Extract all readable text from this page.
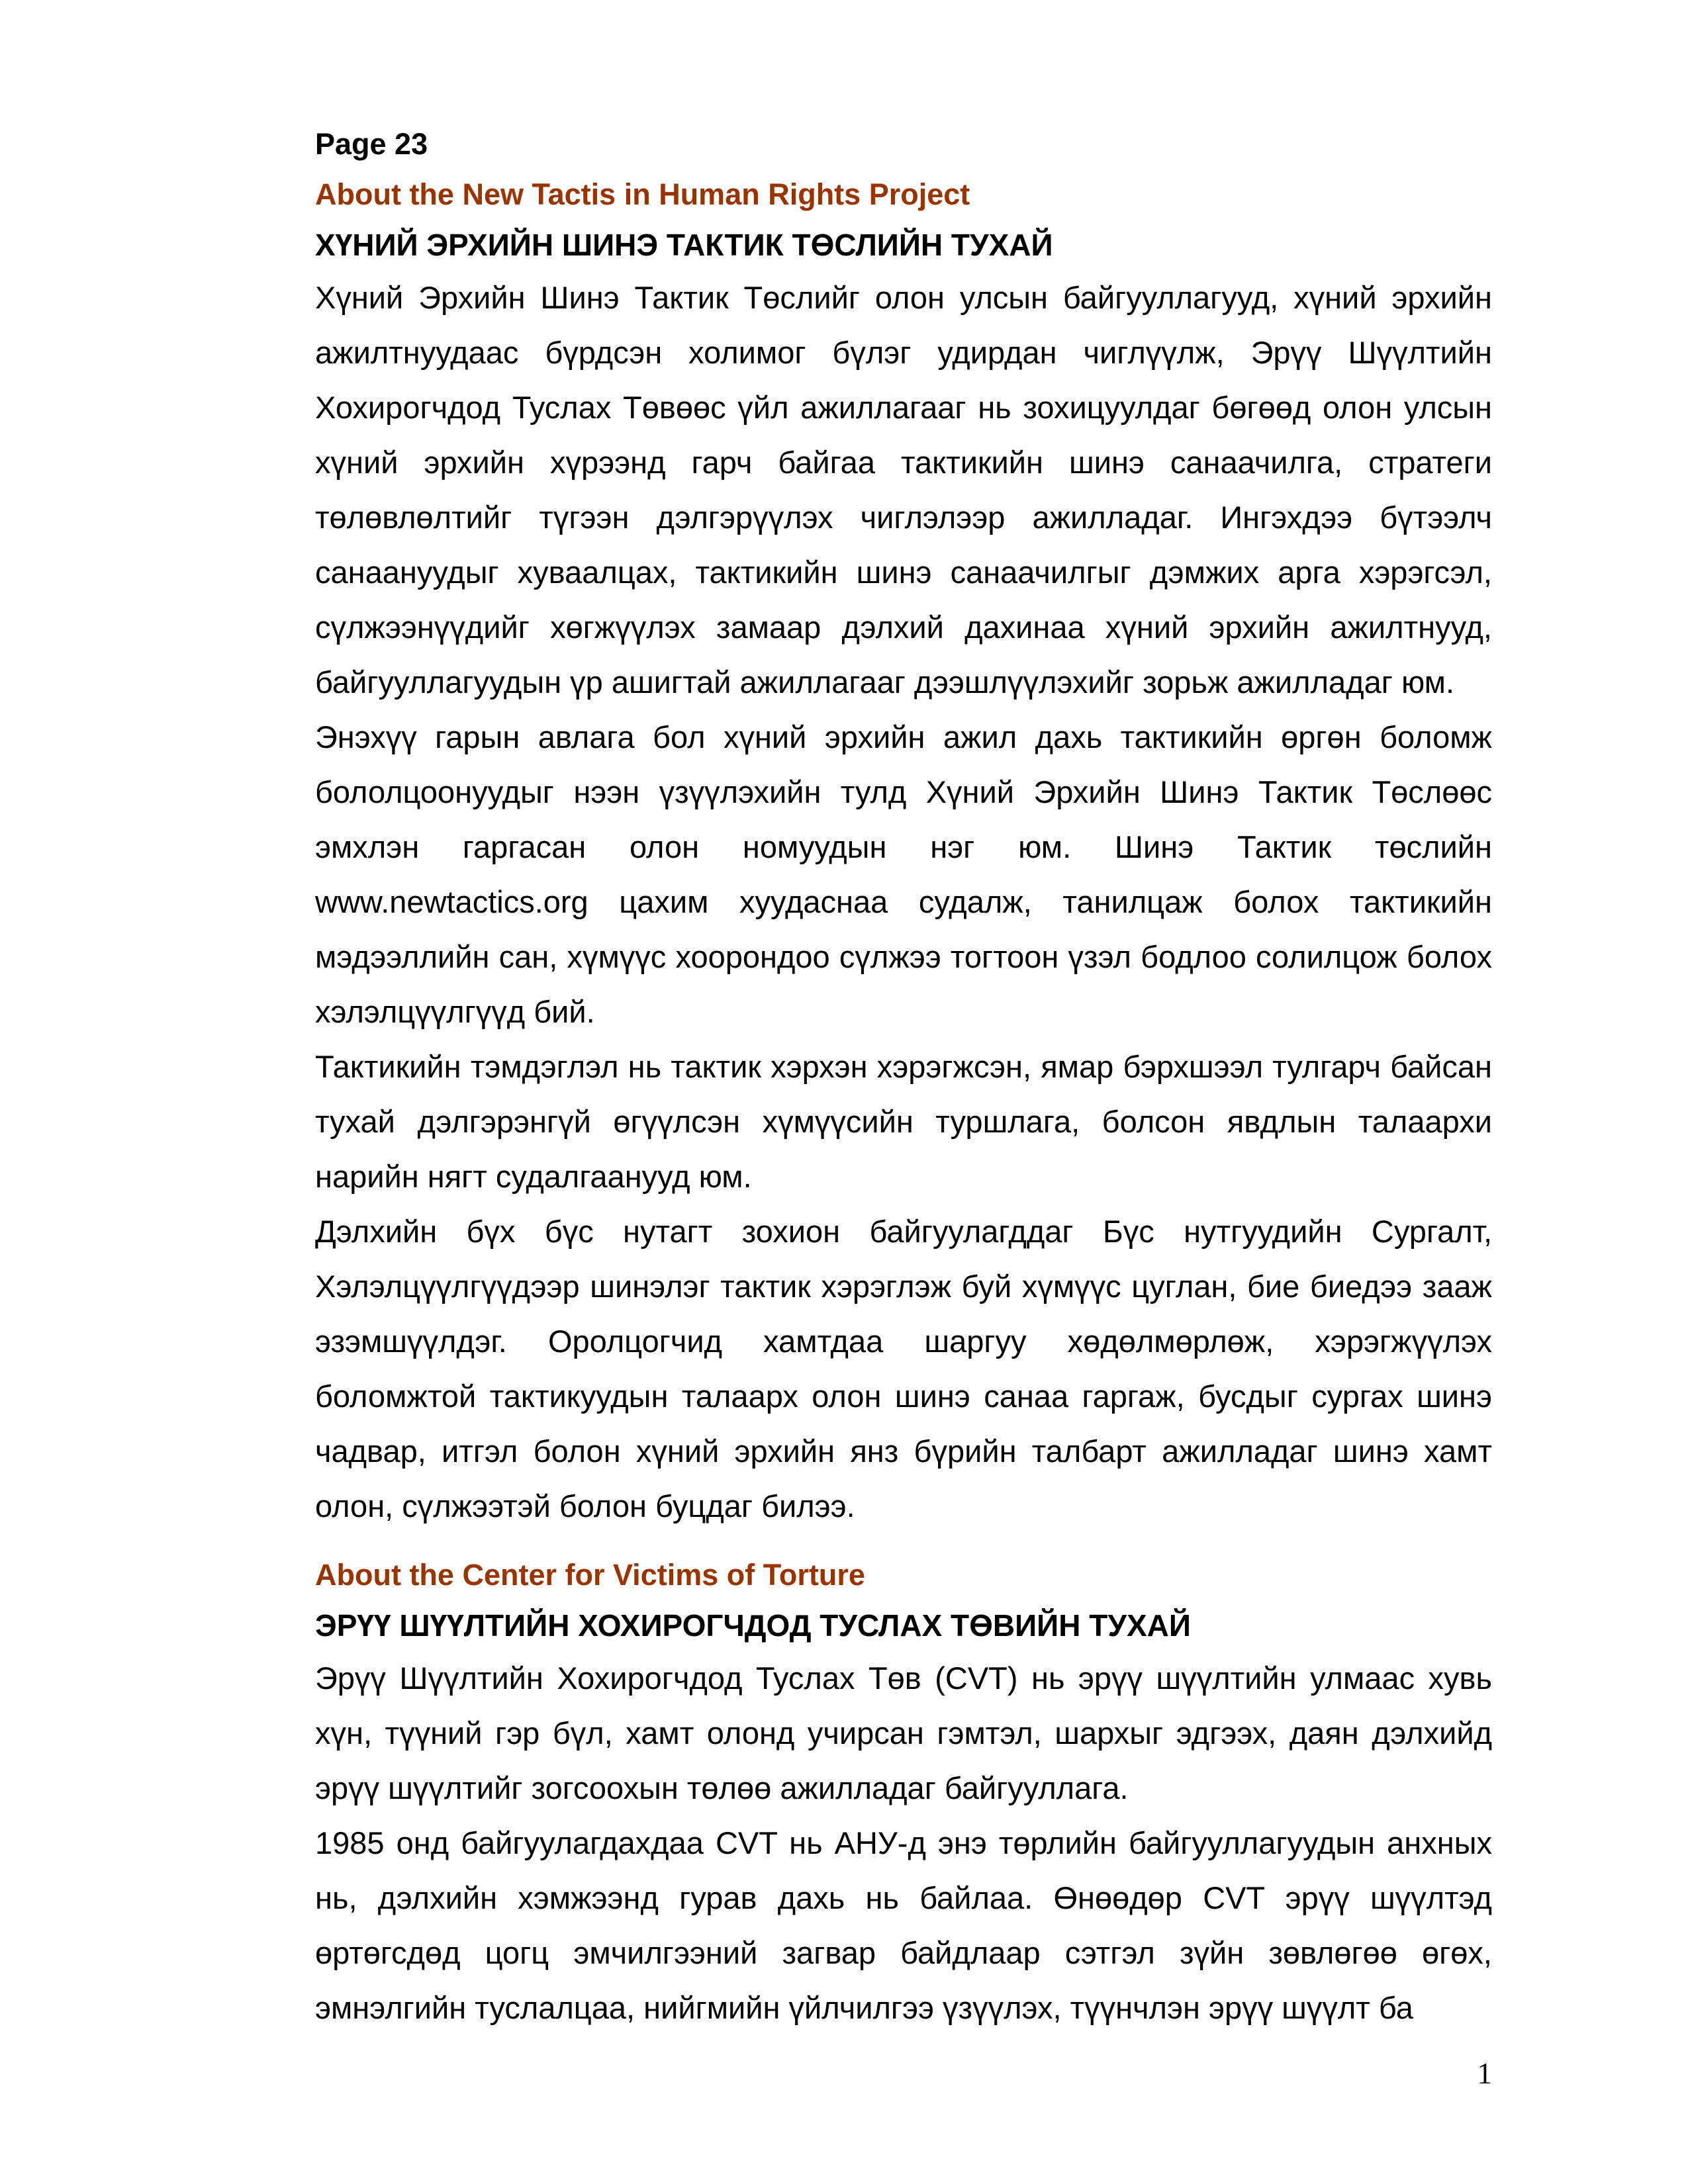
Page 23
About the New Tactis in Human Rights Project
ХҮНИЙ ЭРХИЙН ШИНЭ ТАКТИК ТӨСЛИЙН ТУХАЙ

Хүний Эрхийн Шинэ Тактик Төслийг олон улсын байгууллагууд, хүний эрхийн ажилтнуудаас бүрдсэн холимог бүлэг удирдан чиглүүлж, Эрүү Шүүлтийн Хохирогчдод Туслах Төвөөс үйл ажиллагааг нь зохицуулдаг бөгөөд олон улсын хүний эрхийн хүрээнд гарч байгаа тактикийн шинэ санаачилга, стратеги төлөвлөлтийг түгээн дэлгэрүүлэх чиглэлээр ажилладаг. Ингэхдээ бүтээлч санаануудыг хуваалцах, тактикийн шинэ санаачилгыг дэмжих арга хэрэгсэл, сүлжээнүүдийг хөгжүүлэх замаар дэлхий дахинаа хүний эрхийн ажилтнууд, байгууллагуудын үр ашигтай ажиллагааг дээшлүүлэхийг зорьж ажилладаг юм.

Энэхүү гарын авлага бол хүний эрхийн ажил дахь тактикийн өргөн боломж бололцоонуудыг нээн үзүүлэхийн тулд Хүний Эрхийн Шинэ Тактик Төслөөс эмхлэн гаргасан олон номуудын нэг юм. Шинэ Тактик төслийн www.newtactics.org цахим хуудаснаа судалж, танилцаж болох тактикийн мэдээллийн сан, хүмүүс хоорондоо сүлжээ тогтоон үзэл бодлоо солилцож болох хэлэлцүүлгүүд бий.

Тактикийн тэмдэглэл нь тактик хэрхэн хэрэгжсэн, ямар бэрхшээл тулгарч байсан тухай дэлгэрэнгүй өгүүлсэн хүмүүсийн туршлага, болсон явдлын талаархи нарийн нягт судалгаанууд юм.

Дэлхийн бүх бүс нутагт зохион байгуулагддаг Бүс нутгуудийн Сургалт, Хэлэлцүүлгүүдээр шинэлэг тактик хэрэглэж буй хүмүүс цуглан, бие биедээ зааж эзэмшүүлдэг. Оролцогчид хамтдаа шаргуу хөдөлмөрлөж, хэрэгжүүлэх боломжтой тактикуудын талаарх олон шинэ санаа гаргаж, бусдыг сургах шинэ чадвар, итгэл болон хүний эрхийн янз бүрийн талбарт ажилладаг шинэ хамт олон, сүлжээтэй болон буцдаг билээ.

About the Center for Victims of Torture
ЭРҮҮ ШҮҮЛТИЙН ХОХИРОГЧДОД ТУСЛАХ ТӨВИЙН ТУХАЙ

Эрүү Шүүлтийн Хохирогчдод Туслах Төв (CVT) нь эрүү шүүлтийн улмаас хувь хүн, түүний гэр бүл, хамт олонд учирсан гэмтэл, шархыг эдгээх, даян дэлхийд эрүү шүүлтийг зогсоохын төлөө ажилладаг байгууллага.

1985 онд байгуулагдахдаа CVT нь АНУ-д энэ төрлийн байгууллагуудын анхных нь, дэлхийн хэмжээнд гурав дахь нь байлаа. Өнөөдөр CVT эрүү шүүлтэд өртөгсдөд цогц эмчилгээний загвар байдлаар сэтгэл зүйн зөвлөгөө өгөх, эмнэлгийн туслалцаа, нийгмийн үйлчилгээ үзүүлэх, түүнчлэн эрүү шүүлт ба

1
